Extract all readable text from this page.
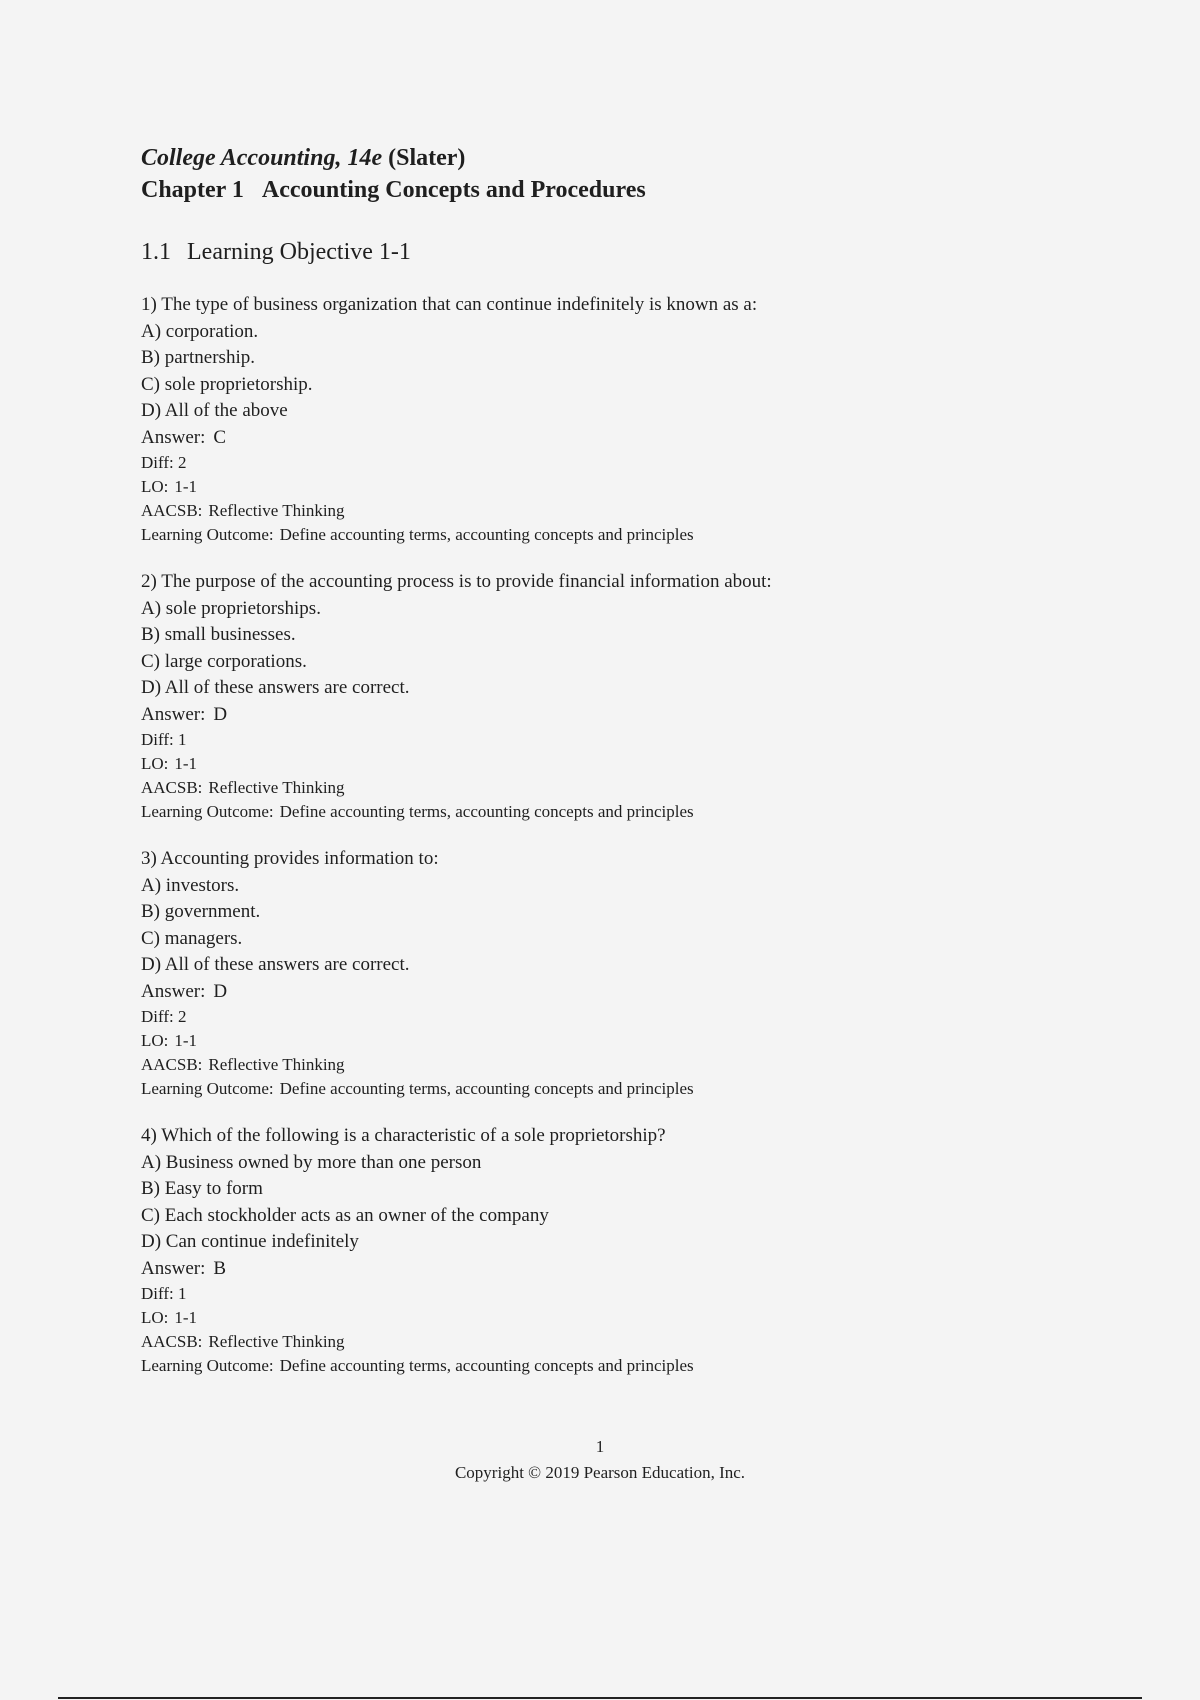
College Accounting, 14e (Slater)

Chapter 1 Accounting Concepts and Procedures

1.1 Learning Objective 1-1

1) The type of business organization that can continue indefinitely is known as a:

A) corporation.

B) partnership.

C) sole proprietorship.

D) All of the above

Answer: C

Diff: 2

LO: 1-1

AACSB: Reflective Thinking

Learning Outcome: Define accounting terms, accounting concepts and principles

2) The purpose of the accounting process is to provide financial information about:

A) sole proprietorships.

B) small businesses.

C) large corporations.

D) All of these answers are correct.

Answer: D

Diff: 1

LO: 1-1

AACSB: Reflective Thinking

Learning Outcome: Define accounting terms, accounting concepts and principles

3) Accounting provides information to:

A) investors.

B) government.

C) managers.

D) All of these answers are correct.

Answer: D

Diff: 2

LO: 1-1

AACSB: Reflective Thinking

Learning Outcome: Define accounting terms, accounting concepts and principles

4) Which of the following is a characteristic of a sole proprietorship?

A) Business owned by more than one person

B) Easy to form

C) Each stockholder acts as an owner of the company

D) Can continue indefinitely

Answer: B

Diff: 1

LO: 1-1

AACSB: Reflective Thinking

Learning Outcome: Define accounting terms, accounting concepts and principles

1
Copyright © 2019 Pearson Education, Inc.
